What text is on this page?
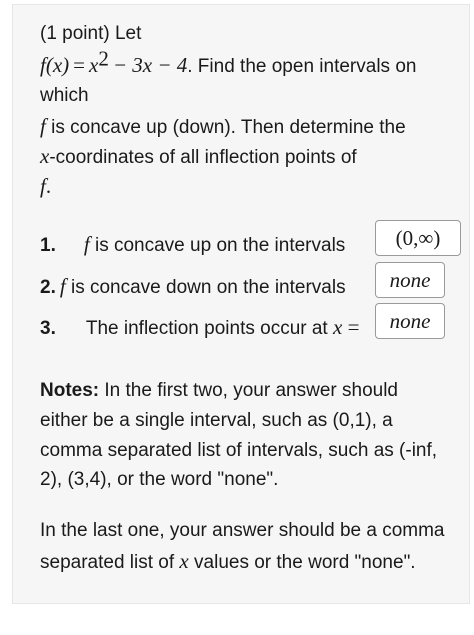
(1 point) Let
$f(x) = x^2 - 3x - 4$. Find the open intervals on
which
f is concave up (down). Then determine the
x-coordinates of all inflection points of
f.
1. f is concave up on the intervals (0,∞)
2. f is concave down on the intervals none
3. The inflection points occur at x = none
Notes: In the first two, your answer should
either be a single interval, such as (0,1), a
comma separated list of intervals, such as (-inf,
2), (3,4), or the word "none".
In the last one, your answer should be a comma
separated list of x values or the word "none".
